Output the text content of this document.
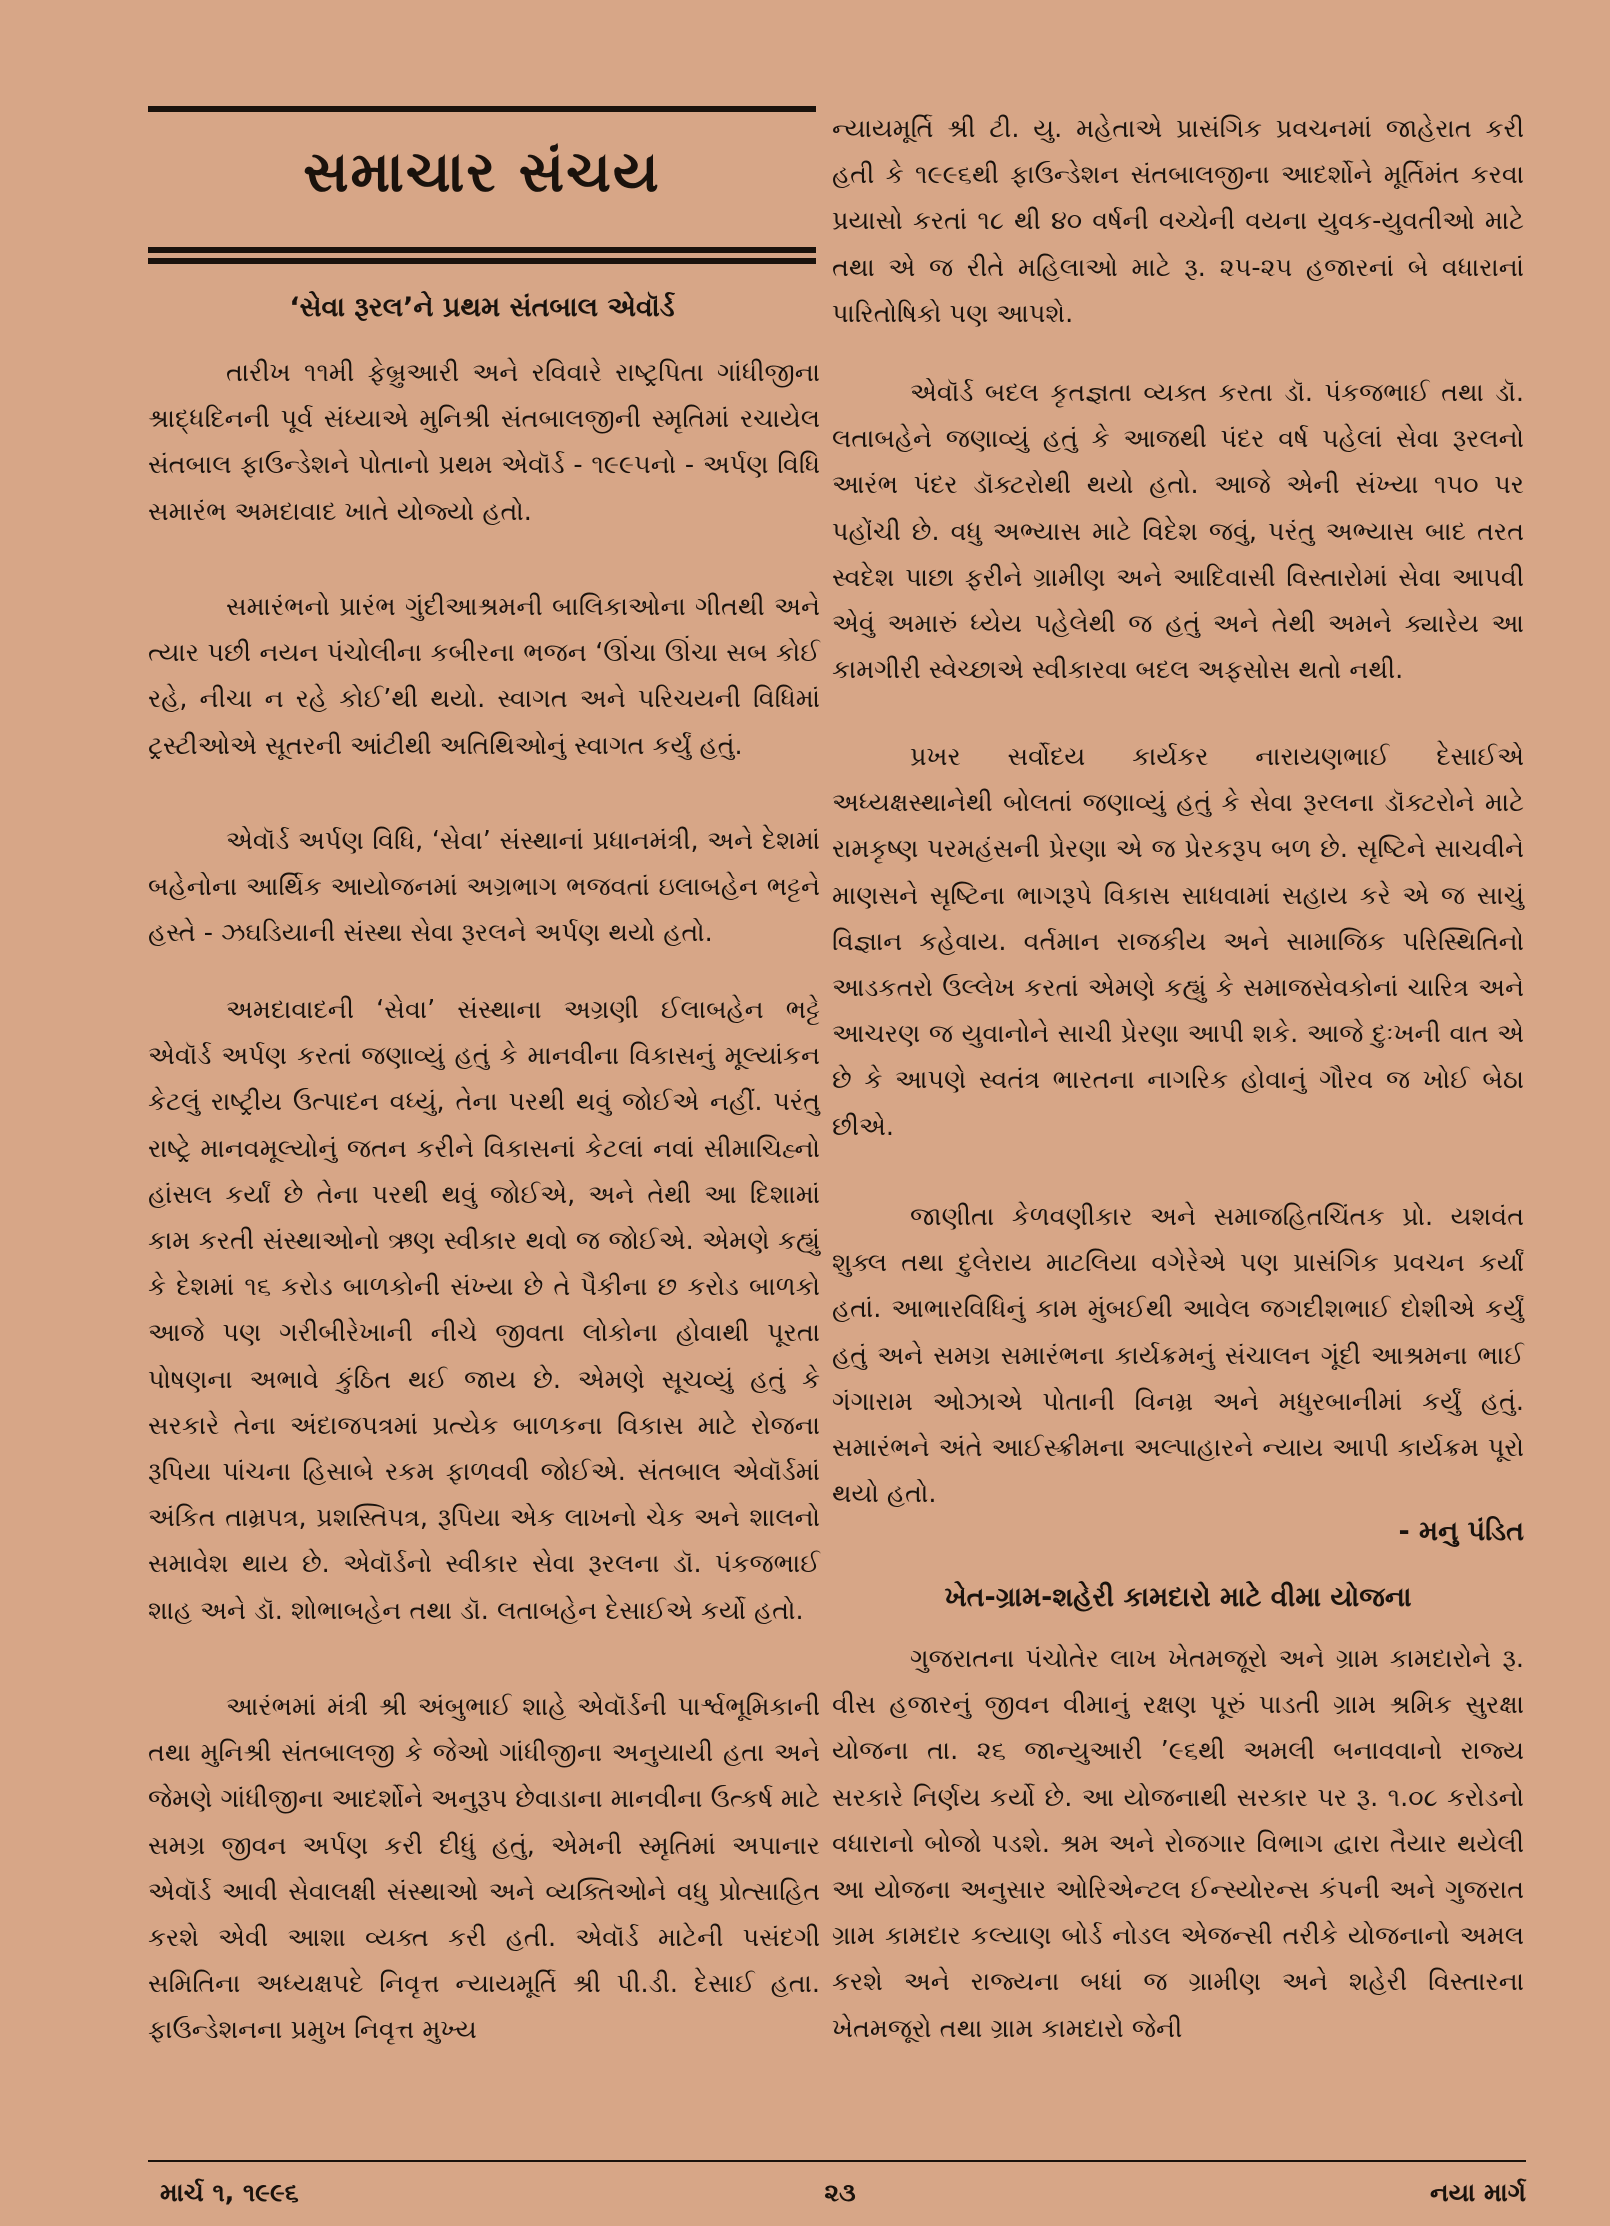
સમાચાર સંચય
‘સેવા રૂરલ’ને પ્રથમ સંતબાલ એવૉર્ડ

તારીખ ૧૧મી ફેબ્રુઆરી અને રવિવારે રાષ્ટ્રપિતા ગાંધીજીના શ્રાદ્ધદિનની પૂર્વ સંધ્યાએ મુનિશ્રી સંતબાલજીની સ્મૃતિમાં રચાયેલ સંતબાલ ફાઉન્ડેશને પોતાનો પ્રથમ એવૉર્ડ - ૧૯૯૫નો - અર્પણ વિધિ સમારંભ અમદાવાદ ખાતે યોજ્યો હતો.

સમારંભનો પ્રારંભ ગુંદીઆશ્રમની બાલિકાઓના ગીતથી અને ત્યાર પછી નયન પંચોલીના કબીરના ભજન ‘ઊંચા ઊંચા સબ કોઈ રહે, નીચા ન રહે કોઈ’થી થયો. સ્વાગત અને પરિચયની વિધિમાં ટ્રસ્ટીઓએ સૂતરની આંટીથી અતિથિઓનું સ્વાગત કર્યું હતું.

એવૉર્ડ અર્પણ વિધિ, ‘સેવા’ સંસ્થાનાં પ્રધાનમંત્રી, અને દેશમાં બહેનોના આર્થિક આયોજનમાં અગ્રભાગ ભજવતાં ઇલાબહેન ભટ્ટને હસ્તે - ઝઘડિયાની સંસ્થા સેવા રૂરલને અર્પણ થયો હતો.

અમદાવાદની ‘સેવા’ સંસ્થાના અગ્રણી ઈલાબહેન ભટ્ટે એવૉર્ડ અર્પણ કરતાં જણાવ્યું હતું કે માનવીના વિકાસનું મૂલ્યાંકન કેટલું રાષ્ટ્રીય ઉત્પાદન વધ્યું, તેના પરથી થવું જોઈએ નહીં. પરંતુ રાષ્ટ્રે માનવમૂલ્યોનું જતન કરીને વિકાસનાં કેટલાં નવાં સીમાચિહ્નો હાંસલ કર્યાં છે તેના પરથી થવું જોઈએ, અને તેથી આ દિશામાં કામ કરતી સંસ્થાઓનો ઋણ સ્વીકાર થવો જ જોઈએ. એમણે કહ્યું કે દેશમાં ૧૬ કરોડ બાળકોની સંખ્યા છે તે પૈકીના છ કરોડ બાળકો આજે પણ ગરીબીરેખાની નીચે જીવતા લોકોના હોવાથી પૂરતા પોષણના અભાવે કુંઠિત થઈ જાય છે. એમણે સૂચવ્યું હતું કે સરકારે તેના અંદાજપત્રમાં પ્રત્યેક બાળકના વિકાસ માટે રોજના રૂપિયા પાંચના હિસાબે રકમ ફાળવવી જોઈએ. સંતબાલ એવૉર્ડમાં અંકિત તામ્રપત્ર, પ્રશસ્તિપત્ર, રૂપિયા એક લાખનો ચેક અને શાલનો સમાવેશ થાય છે. એવૉર્ડનો સ્વીકાર સેવા રૂરલના ડૉ. પંકજભાઈ શાહ અને ડૉ. શોભાબહેન તથા ડૉ. લતાબહેન દેસાઈએ કર્યો હતો.

આરંભમાં મંત્રી શ્રી અંબુભાઈ શાહે એવૉર્ડની પાર્શ્વભૂમિકાની તથા મુનિશ્રી સંતબાલજી કે જેઓ ગાંધીજીના અનુયાયી હતા અને જેમણે ગાંધીજીના આદર્શોને અનુરૂપ છેવાડાના માનવીના ઉત્કર્ષ માટે સમગ્ર જીવન અર્પણ કરી દીધું હતું, એમની સ્મૃતિમાં અપાનાર એવૉર્ડ આવી સેવાલક્ષી સંસ્થાઓ અને વ્યક્તિઓને વધુ પ્રોત્સાહિત કરશે એવી આશા વ્યક્ત કરી હતી. એવૉર્ડ માટેની પસંદગી સમિતિના અધ્યક્ષપદે નિવૃત્ત ન્યાયમૂર્તિ શ્રી પી.ડી. દેસાઈ હતા. ફાઉન્ડેશનના પ્રમુખ નિવૃત્ત મુખ્ય

ન્યાયમૂર્તિ શ્રી ટી. યુ. મહેતાએ પ્રાસંગિક પ્રવચનમાં જાહેરાત કરી હતી કે ૧૯૯૬થી ફાઉન્ડેશન સંતબાલજીના આદર્શોને મૂર્તિમંત કરવા પ્રયાસો કરતાં ૧૮ થી ૪૦ વર્ષની વચ્ચેની વયના યુવક-યુવતીઓ માટે તથા એ જ રીતે મહિલાઓ માટે રૂ. ૨૫-૨૫ હજારનાં બે વધારાનાં પારિતોષિકો પણ આપશે.

એવૉર્ડ બદલ કૃતજ્ઞતા વ્યક્ત કરતા ડૉ. પંકજભાઈ તથા ડૉ. લતાબહેને જણાવ્યું હતું કે આજથી પંદર વર્ષ પહેલાં સેવા રૂરલનો આરંભ પંદર ડૉક્ટરોથી થયો હતો. આજે એની સંખ્યા ૧૫૦ પર પહોંચી છે. વધુ અભ્યાસ માટે વિદેશ જવું, પરંતુ અભ્યાસ બાદ તરત સ્વદેશ પાછા ફરીને ગ્રામીણ અને આદિવાસી વિસ્તારોમાં સેવા આપવી એવું અમારું ધ્યેય પહેલેથી જ હતું અને તેથી અમને ક્યારેય આ કામગીરી સ્વેચ્છાએ સ્વીકારવા બદલ અફસોસ થતો નથી.

પ્રખર સર્વોદય કાર્યકર નારાયણભાઈ દેસાઈએ અધ્યક્ષસ્થાનેથી બોલતાં જણાવ્યું હતું કે સેવા રૂરલના ડૉક્ટરોને માટે રામકૃષ્ણ પરમહંસની પ્રેરણા એ જ પ્રેરકરૂપ બળ છે. સૃષ્ટિને સાચવીને માણસને સૃષ્ટિના ભાગરૂપે વિકાસ સાધવામાં સહાય કરે એ જ સાચું વિજ્ઞાન કહેવાય. વર્તમાન રાજકીય અને સામાજિક પરિસ્થિતિનો આડકતરો ઉલ્લેખ કરતાં એમણે કહ્યું કે સમાજસેવકોનાં ચારિત્ર અને આચરણ જ યુવાનોને સાચી પ્રેરણા આપી શકે. આજે દુઃખની વાત એ છે કે આપણે સ્વતંત્ર ભારતના નાગરિક હોવાનું ગૌરવ જ ખોઈ બેઠા છીએ.

જાણીતા કેળવણીકાર અને સમાજહિતચિંતક પ્રો. યશવંત શુક્લ તથા દુલેરાય માટલિયા વગેરેએ પણ પ્રાસંગિક પ્રવચન કર્યાં હતાં. આભારવિધિનું કામ મુંબઈથી આવેલ જગદીશભાઈ દોશીએ કર્યું હતું અને સમગ્ર સમારંભના કાર્યક્રમનું સંચાલન ગૂંદી આશ્રમના ભાઈ ગંગારામ ઓઝાએ પોતાની વિનમ્ર અને મધુરબાનીમાં કર્યું હતું. સમારંભને અંતે આઈસ્ક્રીમના અલ્પાહારને ન્યાય આપી કાર્યક્રમ પૂરો થયો હતો.

- મનુ પંડિત
ખેત-ગ્રામ-શહેરી કામદારો માટે વીમા યોજના

ગુજરાતના પંચોતેર લાખ ખેતમજૂરો અને ગ્રામ કામદારોને રૂ. વીસ હજારનું જીવન વીમાનું રક્ષણ પૂરું પાડતી ગ્રામ શ્રમિક સુરક્ષા યોજના તા. ૨૬ જાન્યુઆરી ’૯૬થી અમલી બનાવવાનો રાજ્ય સરકારે નિર્ણય કર્યો છે. આ યોજનાથી સરકાર પર રૂ. ૧.૦૮ કરોડનો વધારાનો બોજો પડશે. શ્રમ અને રોજગાર વિભાગ દ્વારા તૈયાર થયેલી આ યોજના અનુસાર ઓરિએન્ટલ ઈન્સ્યોરન્સ કંપની અને ગુજરાત ગ્રામ કામદાર કલ્યાણ બોર્ડ નોડલ એજન્સી તરીકે યોજનાનો અમલ કરશે અને રાજ્યના બધાં જ ગ્રામીણ અને શહેરી વિસ્તારના ખેતમજૂરો તથા ગ્રામ કામદારો જેની

માર્ચ ૧, ૧૯૯૬	૨૩	નયા માર્ગ
